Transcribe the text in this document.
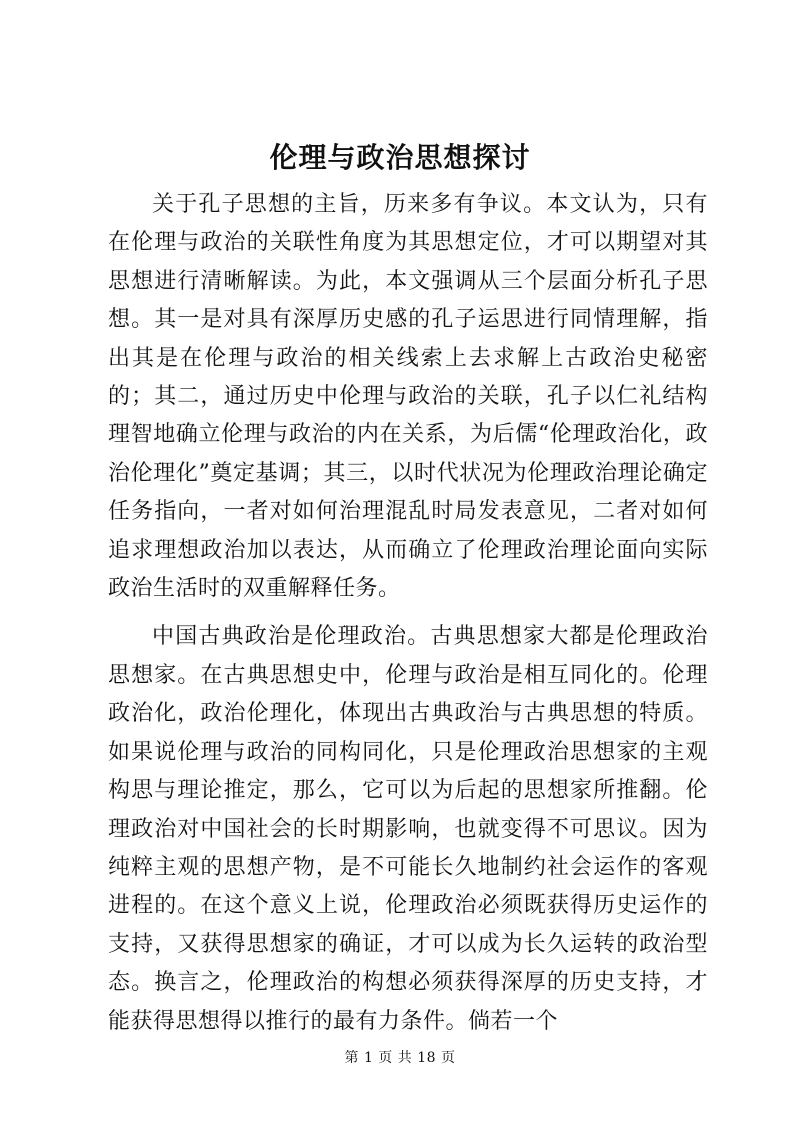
伦理与政治思想探讨

关于孔子思想的主旨，历来多有争议。本文认为，只有在伦理与政治的关联性角度为其思想定位，才可以期望对其思想进行清晰解读。为此，本文强调从三个层面分析孔子思想。其一是对具有深厚历史感的孔子运思进行同情理解，指出其是在伦理与政治的相关线索上去求解上古政治史秘密的；其二，通过历史中伦理与政治的关联，孔子以仁礼结构理智地确立伦理与政治的内在关系，为后儒“伦理政治化，政治伦理化”奠定基调；其三，以时代状况为伦理政治理论确定任务指向，一者对如何治理混乱时局发表意见，二者对如何追求理想政治加以表达，从而确立了伦理政治理论面向实际政治生活时的双重解释任务。

中国古典政治是伦理政治。古典思想家大都是伦理政治思想家。在古典思想史中，伦理与政治是相互同化的。伦理政治化，政治伦理化，体现出古典政治与古典思想的特质。如果说伦理与政治的同构同化，只是伦理政治思想家的主观构思与理论推定，那么，它可以为后起的思想家所推翻。伦理政治对中国社会的长时期影响，也就变得不可思议。因为纯粹主观的思想产物，是不可能长久地制约社会运作的客观进程的。在这个意义上说，伦理政治必须既获得历史运作的支持，又获得思想家的确证，才可以成为长久运转的政治型态。换言之，伦理政治的构想必须获得深厚的历史支持，才能获得思想得以推行的最有力条件。倘若一个

第 1 页 共 18 页
